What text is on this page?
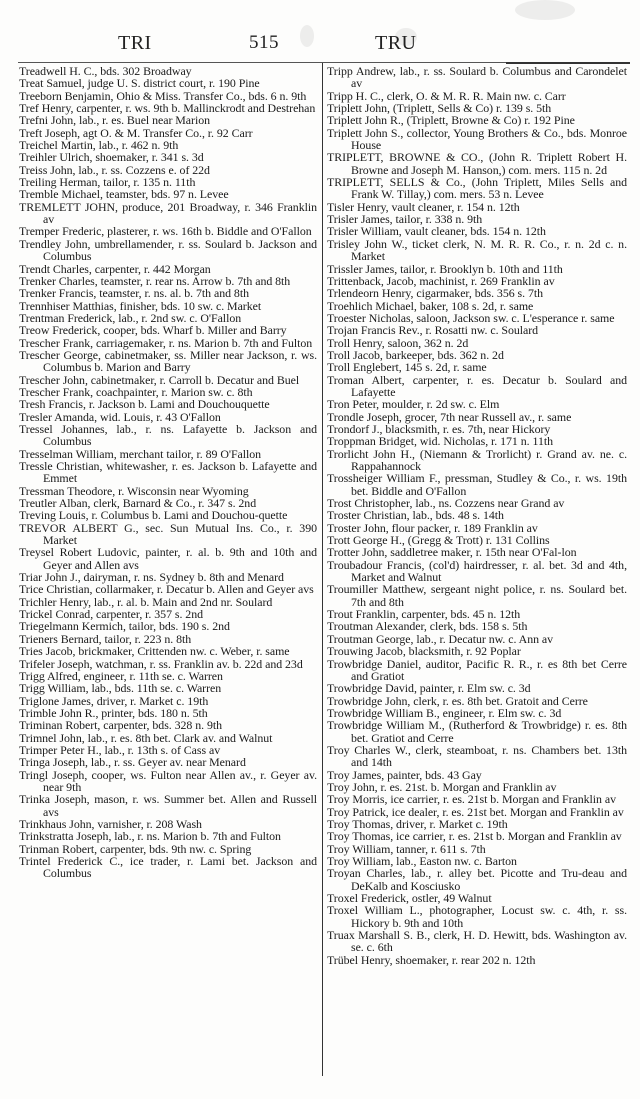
TRI	515	TRU

Treadwell H. C., bds. 302 Broadway

Treat Samuel, judge U. S. district court, r. 190 Pine

Treeborn Benjamin, Ohio & Miss. Transfer Co., bds. 6 n. 9th

Tref Henry, carpenter, r. ws. 9th b. Mallinckrodt and Destrehan

Trefni John, lab., r. es. Buel near Marion

Treft Joseph, agt O. & M. Transfer Co., r. 92 Carr

Treichel Martin, lab., r. 462 n. 9th

Treihler Ulrich, shoemaker, r. 341 s. 3d

Treiss John, lab., r. ss. Cozzens e. of 22d

Treiling Herman, tailor, r. 135 n. 11th

Tremble Michael, teamster, bds. 97 n. Levee

TREMLETT JOHN, produce, 201 Broadway, r. 346 Franklin av

Tremper Frederic, plasterer, r. ws. 16th b. Biddle and O'Fallon

Trendley John, umbrellamender, r. ss. Soulard b. Jackson and Columbus

Trendt Charles, carpenter, r. 442 Morgan

Trenker Charles, teamster, r. rear ns. Arrow b. 7th and 8th

Trenker Francis, teamster, r. ns. al. b. 7th and 8th

Trennhiser Matthias, finisher, bds. 10 sw. c. Market

Trentman Frederick, lab., r. 2nd sw. c. O'Fallon

Treow Frederick, cooper, bds. Wharf b. Miller and Barry

Trescher Frank, carriagemaker, r. ns. Marion b. 7th and Fulton

Trescher George, cabinetmaker, ss. Miller near Jackson, r. ws. Columbus b. Marion and Barry

Trescher John, cabinetmaker, r. Carroll b. Decatur and Buel

Trescher Frank, coachpainter, r. Marion sw. c. 8th

Tresh Francis, r. Jackson b. Lami and Douchouquette

Tresler Amanda, wid. Louis, r. 43 O'Fallon

Tressel Johannes, lab., r. ns. Lafayette b. Jackson and Columbus

Tresselman William, merchant tailor, r. 89 O'Fallon

Tressle Christian, whitewasher, r. es. Jackson b. Lafayette and Emmet

Tressman Theodore, r. Wisconsin near Wyoming

Treutler Alban, clerk, Barnard & Co., r. 347 s. 2nd

Treving Louis, r. Columbus b. Lami and Douchou-quette

TREVOR ALBERT G., sec. Sun Mutual Ins. Co., r. 390 Market

Treysel Robert Ludovic, painter, r. al. b. 9th and 10th and Geyer and Allen avs

Triar John J., dairyman, r. ns. Sydney b. 8th and Menard

Trice Christian, collarmaker, r. Decatur b. Allen and Geyer avs

Trichler Henry, lab., r. al. b. Main and 2nd nr. Soulard

Trickel Conrad, carpenter, r. 357 s. 2nd

Triegelmann Kermich, tailor, bds. 190 s. 2nd

Trieners Bernard, tailor, r. 223 n. 8th

Tries Jacob, brickmaker, Crittenden nw. c. Weber, r. same

Trifeler Joseph, watchman, r. ss. Franklin av. b. 22d and 23d

Trigg Alfred, engineer, r. 11th se. c. Warren

Trigg William, lab., bds. 11th se. c. Warren

Triglone James, driver, r. Market c. 19th

Trimble John R., printer, bds. 180 n. 5th

Triminan Robert, carpenter, bds. 328 n. 9th

Trimnel John, lab., r. es. 8th bet. Clark av. and Walnut

Trimper Peter H., lab., r. 13th s. of Cass av

Tringa Joseph, lab., r. ss. Geyer av. near Menard

Tringl Joseph, cooper, ws. Fulton near Allen av., r. Geyer av. near 9th

Trinka Joseph, mason, r. ws. Summer bet. Allen and Russell avs

Trinkhaus John, varnisher, r. 208 Wash

Trinkstratta Joseph, lab., r. ns. Marion b. 7th and Fulton

Trinman Robert, carpenter, bds. 9th nw. c. Spring

Trintel Frederick C., ice trader, r. Lami bet. Jackson and Columbus

Tripp Andrew, lab., r. ss. Soulard b. Columbus and Carondelet av

Tripp H. C., clerk, O. & M. R. R. Main nw. c. Carr

Triplett John, (Triplett, Sells & Co) r. 139 s. 5th

Triplett John R., (Triplett, Browne & Co) r. 192 Pine

Triplett John S., collector, Young Brothers & Co., bds. Monroe House

TRIPLETT, BROWNE & CO., (John R. Triplett Robert H. Browne and Joseph M. Hanson,) com. mers. 115 n. 2d

TRIPLETT, SELLS & Co., (John Triplett, Miles Sells and Frank W. Tillay,) com. mers. 53 n. Levee

Tisler Henry, vault cleaner, r. 154 n. 12th

Trisler James, tailor, r. 338 n. 9th

Trisler William, vault cleaner, bds. 154 n. 12th

Trisley John W., ticket clerk, N. M. R. R. Co., r. n. 2d c. n. Market

Trissler James, tailor, r. Brooklyn b. 10th and 11th

Trittenback, Jacob, machinist, r. 269 Franklin av

Trlendeorn Henry, cigarmaker, bds. 356 s. 7th

Troehlich Michael, baker, 108 s. 2d, r. same

Troester Nicholas, saloon, Jackson sw. c. L'esperance r. same

Trojan Francis Rev., r. Rosatti nw. c. Soulard

Troll Henry, saloon, 362 n. 2d

Troll Jacob, barkeeper, bds. 362 n. 2d

Troll Englebert, 145 s. 2d, r. same

Troman Albert, carpenter, r. es. Decatur b. Soulard and Lafayette

Tron Peter, moulder, r. 2d sw. c. Elm

Trondle Joseph, grocer, 7th near Russell av., r. same

Trondorf J., blacksmith, r. es. 7th, near Hickory

Troppman Bridget, wid. Nicholas, r. 171 n. 11th

Trorlicht John H., (Niemann & Trorlicht) r. Grand av. ne. c. Rappahannock

Trossheiger William F., pressman, Studley & Co., r. ws. 19th bet. Biddle and O'Fallon

Trost Christopher, lab., ns. Cozzens near Grand av

Troster Christian, lab., bds. 48 s. 14th

Troster John, flour packer, r. 189 Franklin av

Trott George H., (Gregg & Trott) r. 131 Collins

Trotter John, saddletree maker, r. 15th near O'Fal-lon

Troubadour Francis, (col'd) hairdresser, r. al. bet. 3d and 4th, Market and Walnut

Troumiller Matthew, sergeant night police, r. ns. Soulard bet. 7th and 8th

Trout Franklin, carpenter, bds. 45 n. 12th

Troutman Alexander, clerk, bds. 158 s. 5th

Troutman George, lab., r. Decatur nw. c. Ann av

Trouwing Jacob, blacksmith, r. 92 Poplar

Trowbridge Daniel, auditor, Pacific R. R., r. es 8th bet Cerre and Gratiot

Trowbridge David, painter, r. Elm sw. c. 3d

Trowbridge John, clerk, r. es. 8th bet. Gratoit and Cerre

Trowbridge William B., engineer, r. Elm sw. c. 3d

Trowbridge William M., (Rutherford & Trowbridge) r. es. 8th bet. Gratiot and Cerre

Troy Charles W., clerk, steamboat, r. ns. Chambers bet. 13th and 14th

Troy James, painter, bds. 43 Gay

Troy John, r. es. 21st. b. Morgan and Franklin av

Troy Morris, ice carrier, r. es. 21st b. Morgan and Franklin av

Troy Patrick, ice dealer, r. es. 21st bet. Morgan and Franklin av

Troy Thomas, driver, r. Market c. 19th

Troy Thomas, ice carrier, r. es. 21st b. Morgan and Franklin av

Troy William, tanner, r. 611 s. 7th

Troy William, lab., Easton nw. c. Barton

Troyan Charles, lab., r. alley bet. Picotte and Tru-deau and DeKalb and Kosciusko

Troxel Frederick, ostler, 49 Walnut

Troxel William L., photographer, Locust sw. c. 4th, r. ss. Hickory b. 9th and 10th

Truax Marshall S. B., clerk, H. D. Hewitt, bds. Washington av. se. c. 6th

Trübel Henry, shoemaker, r. rear 202 n. 12th
